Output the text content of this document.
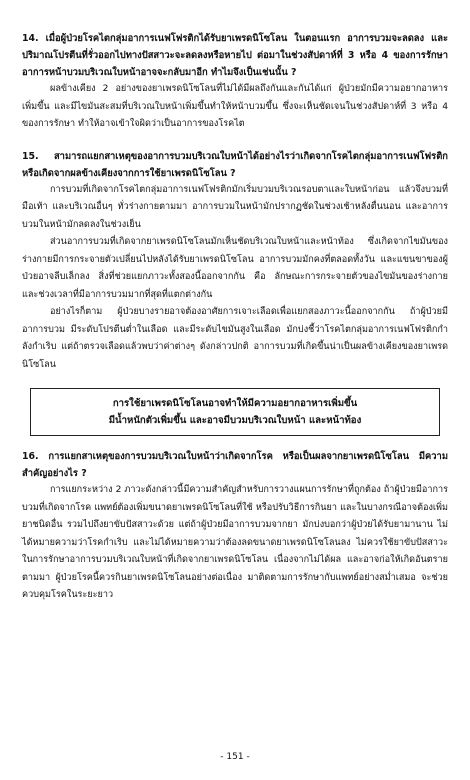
14. เมื่อผู้ป่วยโรคไตกลุ่มอาการเนฟโฟรติกได้รับยาเพรดนิโซโลน ในตอนแรก อาการบวมจะลดลง และปริมาณโปรตีนที่รั่วออกไปทางปัสสาวะจะลดลงหรือหายไป ต่อมาในช่วงสัปดาห์ที่ 3 หรือ 4 ของการรักษา อาการหน้าบวมบริเวณใบหน้าอาจจะกลับมาอีก ทำไมจึงเป็นเช่นนั้น ?

ผลข้างเคียง 2 อย่างของยาเพรดนิโซโลนที่ไม่ได้มีผลถึงกันและกันได้แก่ ผู้ป่วยมักมีความอยากอาหารเพิ่มขึ้น และมีไขมันสะสมที่บริเวณใบหน้าเพิ่มขึ้นทำให้หน้าบวมขึ้น ซึ่งจะเห็นชัดเจนในช่วงสัปดาห์ที่ 3 หรือ 4 ของการรักษา ทำให้อาจเข้าใจผิดว่าเป็นอาการของโรคไต

15. สามารถแยกสาเหตุของอาการบวมบริเวณใบหน้าได้อย่างไรว่าเกิดจากโรคไตกลุ่มอาการเนฟโฟรติก หรือเกิดจากผลข้างเคียงจากการใช้ยาเพรดนิโซโลน ?

การบวมที่เกิดจากโรคไตกลุ่มอาการเนฟโฟรติกมักเริ่มบวมบริเวณรอบตาและใบหน้าก่อน แล้วจึงบวมที่มือเท้า และบริเวณอื่นๆ ทั่วร่างกายตามมา อาการบวมในหน้ามักปรากฏชัดในช่วงเช้าหลังตื่นนอน และอาการบวมในหน้ามักลดลงในช่วงเย็น

ส่วนอาการบวมที่เกิดจากยาเพรดนิโซโลนมักเห็นชัดบริเวณใบหน้าและหน้าท้อง ซึ่งเกิดจากไขมันของร่างกายมีการกระจายตัวเปลี่ยนไปหลังได้รับยาเพรดนิโซโลน อาการบวมมักคงที่ตลอดทั้งวัน และแขนขาของผู้ป่วยอาจลีบเล็กลง สิ่งที่ช่วยแยกภาวะทั้งสองนี้ออกจากกัน คือ ลักษณะการกระจายตัวของไขมันของร่างกาย และช่วงเวลาที่มีอาการบวมมากที่สุดที่แตกต่างกัน

อย่างไรก็ตาม ผู้ป่วยบางรายอาจต้องอาศัยการเจาะเลือดเพื่อแยกสองภาวะนี้ออกจากกัน ถ้าผู้ป่วยมีอาการบวม มีระดับโปรตีนต่ำในเลือด และมีระดับไขมันสูงในเลือด มักบ่งชี้ว่าโรคไตกลุ่มอาการเนฟโฟรติกกำลังกำเริบ แต่ถ้าตรวจเลือดแล้วพบว่าค่าต่างๆ ดังกล่าวปกติ อาการบวมที่เกิดขึ้นน่าเป็นผลข้างเคียงของยาเพรดนิโซโลน

การใช้ยาเพรดนิโซโลนอาจทำให้มีความอยากอาหารเพิ่มขึ้น
มีน้ำหนักตัวเพิ่มขึ้น และอาจมีบวมบริเวณใบหน้า และหน้าท้อง

16. การแยกสาเหตุของการบวมบริเวณใบหน้าว่าเกิดจากโรค หรือเป็นผลจากยาเพรดนิโซโลน มีความสำคัญอย่างไร ?

การแยกระหว่าง 2 ภาวะดังกล่าวนี้มีความสำคัญสำหรับการวางแผนการรักษาที่ถูกต้อง ถ้าผู้ป่วยมีอาการบวมที่เกิดจากโรค แพทย์ต้องเพิ่มขนาดยาเพรดนิโซโลนที่ใช้ หรือปรับวิธีการกินยา และในบางกรณีอาจต้องเพิ่มยาชนิดอื่น รวมไปถึงยาขับปัสสาวะด้วย แต่ถ้าผู้ป่วยมีอาการบวมจากยา มักบ่งบอกว่าผู้ป่วยได้รับยามานาน ไม่ได้หมายความว่าโรคกำเริบ และไม่ได้หมายความว่าต้องลดขนาดยาเพรดนิโซโลนลง ไม่ควรใช้ยาขับปัสสาวะในการรักษาอาการบวมบริเวณใบหน้าที่เกิดจากยาเพรดนิโซโลน เนื่องจากไม่ได้ผล และอาจก่อให้เกิดอันตรายตามมา ผู้ป่วยโรคนี้ควรกินยาเพรดนิโซโลนอย่างต่อเนื่อง มาติดตามการรักษากับแพทย์อย่างสม่ำเสมอ จะช่วยควบคุมโรคในระยะยาว

- 151 -
